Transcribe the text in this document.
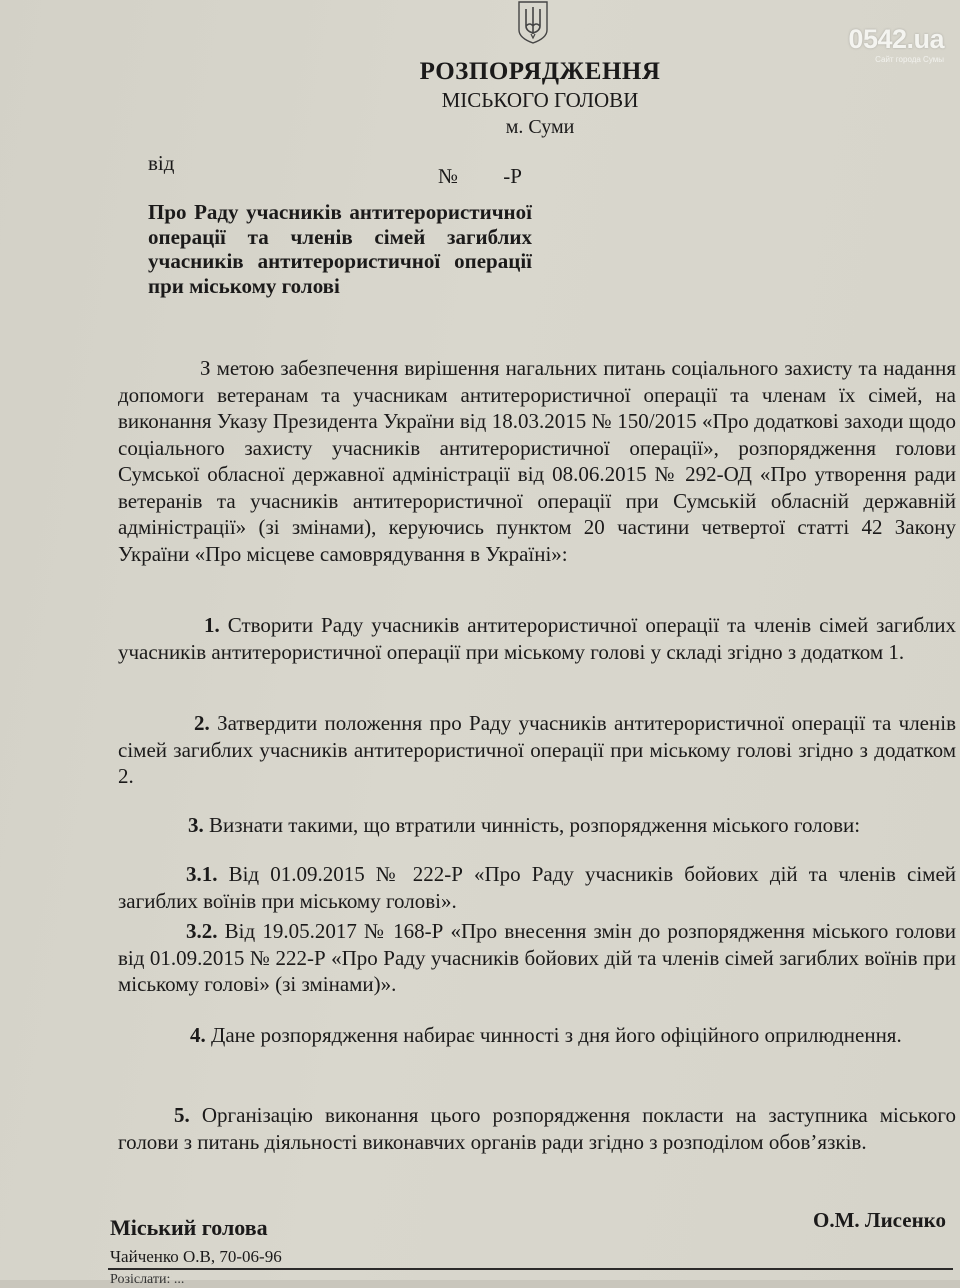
0542.ua
Сайт города Сумы
РОЗПОРЯДЖЕННЯ
МІСЬКОГО ГОЛОВИ
м. Суми
від
№ -Р
Про Раду учасників антитерористичної операції та членів сімей загиблих учасників антитерористичної операції при міському голові
З метою забезпечення вирішення нагальних питань соціального захисту та надання допомоги ветеранам та учасникам антитерористичної операції та членам їх сімей, на виконання Указу Президента України від 18.03.2015 № 150/2015 «Про додаткові заходи щодо соціального захисту учасників антитерористичної операції», розпорядження голови Сумської обласної державної адміністрації від 08.06.2015 № 292-ОД «Про утворення ради ветеранів та учасників антитерористичної операції при Сумській обласній державній адміністрації» (зі змінами), керуючись пунктом 20 частини четвертої статті 42 Закону України «Про місцеве самоврядування в Україні»:
1. Створити Раду учасників антитерористичної операції та членів сімей загиблих учасників антитерористичної операції при міському голові у складі згідно з додатком 1.
2. Затвердити положення про Раду учасників антитерористичної операції та членів сімей загиблих учасників антитерористичної операції при міському голові згідно з додатком 2.
3. Визнати такими, що втратили чинність, розпорядження міського голови:
3.1. Від 01.09.2015 № 222-Р «Про Раду учасників бойових дій та членів сімей загиблих воїнів при міському голові».
3.2. Від 19.05.2017 № 168-Р «Про внесення змін до розпорядження міського голови від 01.09.2015 № 222-Р «Про Раду учасників бойових дій та членів сімей загиблих воїнів при міському голові» (зі змінами)».
4. Дане розпорядження набирає чинності з дня його офіційного оприлюднення.
5. Організацію виконання цього розпорядження покласти на заступника міського голови з питань діяльності виконавчих органів ради згідно з розподілом обов’язків.
Міський голова	О.М. Лисенко
Чайченко О.В, 70-06-96
Розіслати: ...
